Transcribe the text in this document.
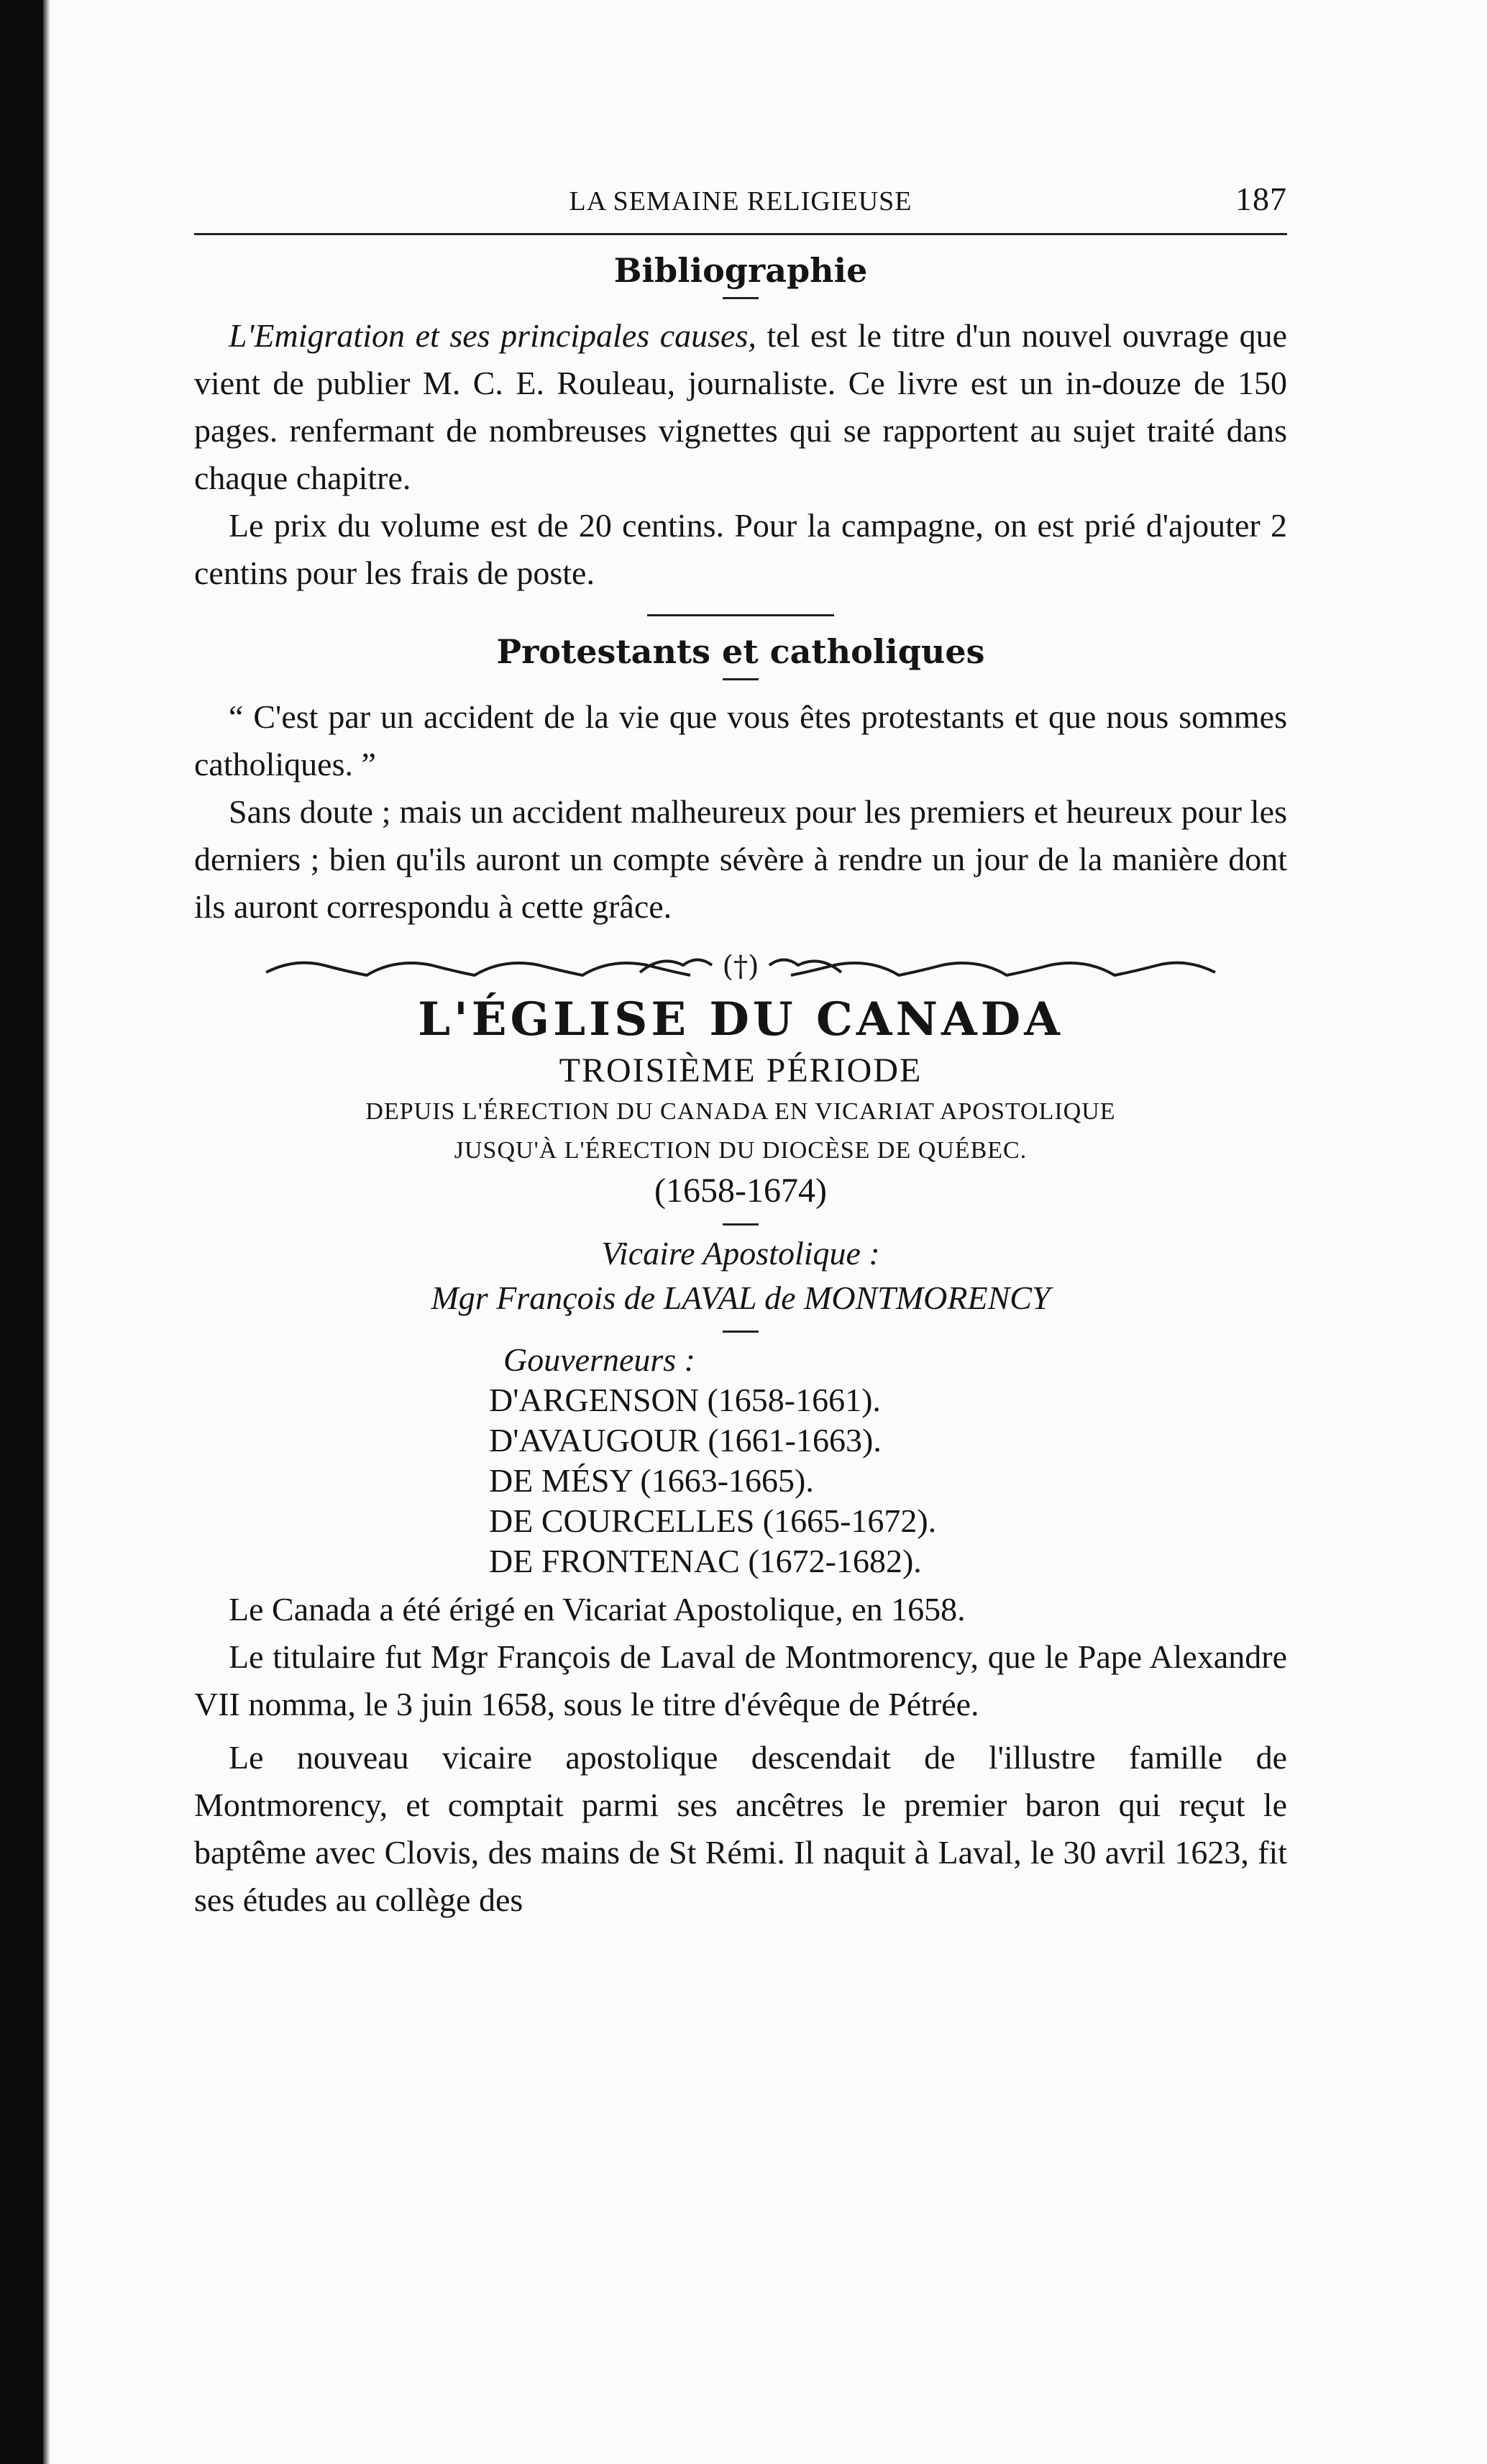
LA SEMAINE RELIGIEUSE	187
Bibliographie

L'Emigration et ses principales causes, tel est le titre d'un nouvel ouvrage que vient de publier M. C. E. Rouleau, journaliste. Ce livre est un in-douze de 150 pages. renfermant de nombreuses vignettes qui se rapportent au sujet traité dans chaque chapitre.

Le prix du volume est de 20 centins. Pour la campagne, on est prié d'ajouter 2 centins pour les frais de poste.

Protestants et catholiques

“ C'est par un accident de la vie que vous êtes protestants et que nous sommes catholiques. ”

Sans doute ; mais un accident malheureux pour les premiers et heureux pour les derniers ; bien qu'ils auront un compte sévère à rendre un jour de la manière dont ils auront correspondu à cette grâce.

(†)
L'ÉGLISE DU CANADA
TROISIÈME PÉRIODE
DEPUIS L'ÉRECTION DU CANADA EN VICARIAT APOSTOLIQUE
JUSQU'À L'ÉRECTION DU DIOCÈSE DE QUÉBEC.
(1658-1674)
Vicaire Apostolique :
Mgr François de LAVAL de MONTMORENCY
Gouverneurs :
D'ARGENSON (1658-1661).
D'AVAUGOUR (1661-1663).
DE MÉSY (1663-1665).
DE COURCELLES (1665-1672).
DE FRONTENAC (1672-1682).

Le Canada a été érigé en Vicariat Apostolique, en 1658.

Le titulaire fut Mgr François de Laval de Montmorency, que le Pape Alexandre VII nomma, le 3 juin 1658, sous le titre d'évêque de Pétrée.

Le nouveau vicaire apostolique descendait de l'illustre famille de Montmorency, et comptait parmi ses ancêtres le premier baron qui reçut le baptême avec Clovis, des mains de St Rémi. Il naquit à Laval, le 30 avril 1623, fit ses études au collège des
